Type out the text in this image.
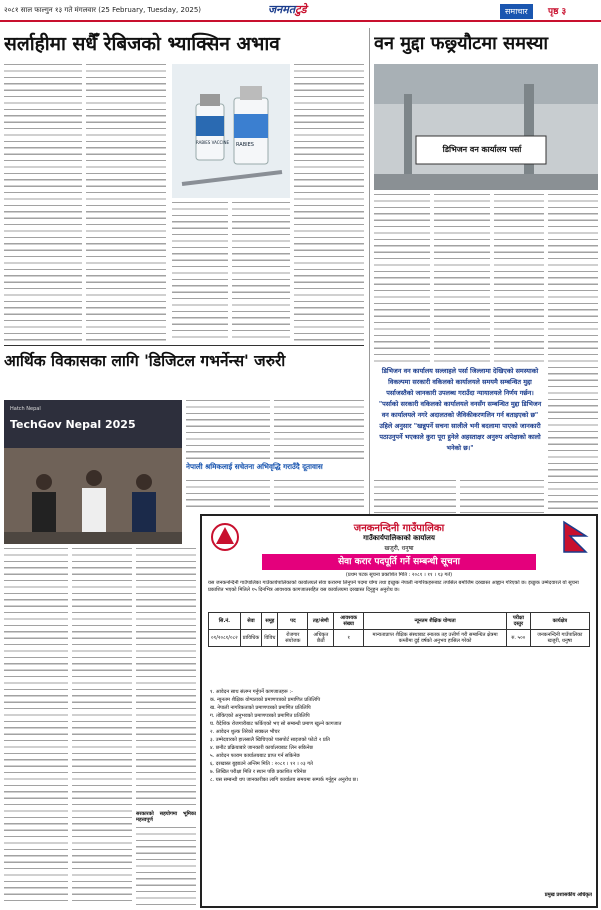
२०८१ साल फाल्गुन १३ गते मंगलवार (25 February, Tuesday, 2025)	जनमतटुडे	समाचार	पृष्ठ ३
सर्लाहीमा सधैँ रेबिजको भ्याक्सिन अभाव
RABIES VACCINE RABIES
वन मुद्दा फछ्र्यौटमा समस्या
डिभिजन वन कार्यालय पर्सा
डिभिजन वन कार्यालय सल्लाहले पर्सा जिल्लामा देखिएको समस्याको विकल्पमा सरकारी वकिलको कार्यालयले समयमै सम्बन्धित मुद्दा पर्साजस्तैको जानकारी उपलब्ध गराउँदा न्यायालयले निर्णय गर्छन। "पर्साको सरकारी वकिलको कार्यालयले वनसँग सम्बन्धित मुद्दा डिभिजन वन कार्यालयले नगरे अदालतको जैविकीकरणलिन गर्न बताइएको छ" उहिले अनुसार "खन्नुपर्ने सचना सालीले भनी बदलामा पाएको जानकारी पठाउनुपर्ने भएकाले कुरा पूरा हुनेले अहस्ताक्षर अनुरुप अपेक्षाको कालो भनेको छ।"
आर्थिक विकासका लागि 'डिजिटल गभर्नेन्स' जरुरी
Hatch Nepal
TechGov Nepal 2025
नेपाली श्रमिकलाई सचेतना अभिवृद्धि गराउँदै दूतावास
सरकारको सहयोगमा भूमिका महत्त्वपूर्ण
जनकनन्दिनी गाउँपालिका
गाउँकार्यपालिकाको कार्यालय
खजुरी, धनुषा
सेवा करार पदपूर्ति गर्ने सम्बन्धी सूचना
(प्रथम पटक सूचना प्रकाशित मिति : २०८१ । ११ । १३ गते)
यस जनकनन्दिनी गाउँपालिका गाउँकार्यपालिकाको कार्यालयले सेवा करारमा लिनुपर्ने पदमा योग्य तथा इच्छुक नेपाली नागरिकहरूबाट तपसिल बमोजिम दरखास्त आह्वान गरिएको छ। इच्छुक उम्मेदवारले यो सूचना प्रकाशित भएको मितिले १५ दिनभित्र आवश्यक कागजातसहित यस कार्यालयमा दरखास्त दिनुहुन अनुरोध छ।
सि.नं.	सेवा	समूह	पद	तह/श्रेणी	आवश्यक संख्या	न्यूनतम शैक्षिक योग्यता	परीक्षा दस्तुर	कार्यक्षेत्र
०१/२०८१/०८२	प्राविधिक	विविध	रोजगार संयोजक	अधिकृत छैठौं	१	मान्यताप्राप्त शैक्षिक संस्थाबाट स्नातक तह उत्तीर्ण गरी सम्बन्धित क्षेत्रमा कम्तीमा दुई वर्षको अनुभव हासिल गरेको	रु. ५००	जनकनन्दिनी गाउँपालिका खजुरी, धनुषा
१. आवेदन साथ संलग्न गर्नुपर्ने कागजातहरू :-
क. न्यूनतम शैक्षिक योग्यताको प्रमाणपत्रको प्रमाणित प्रतिलिपि
ख. नेपाली नागरिकताको प्रमाणपत्रको प्रमाणित प्रतिलिपि
ग. तोकिएको अनुभवको प्रमाणपत्रको प्रमाणित प्रतिलिपि
घ. वैदेशिक रोजगारीबाट फर्किएको भए सो सम्बन्धी प्रमाण खुल्ने कागजात
२. आवेदन शुल्क तिरेको सक्कल भौचर
३. उम्मेदवारको हालसालै खिचिएको पासपोर्ट साइजको फोटो २ प्रति
४. छनौट प्रक्रियाबारे जानकारी कार्यालयबाट लिन सकिनेछ
५. आवेदन फाराम कार्यालयबाट प्राप्त गर्न सकिनेछ
६. दरखास्त बुझाउने अन्तिम मिति : २०८१ । १२ । ०३ गते
७. लिखित परीक्षा मिति र स्थान पछि प्रकाशित गरिनेछ
८. यस सम्बन्धी थप जानकारीका लागि कार्यालय समयमा सम्पर्क गर्नुहुन अनुरोध छ।
प्रमुख प्रशासकीय अधिकृत
